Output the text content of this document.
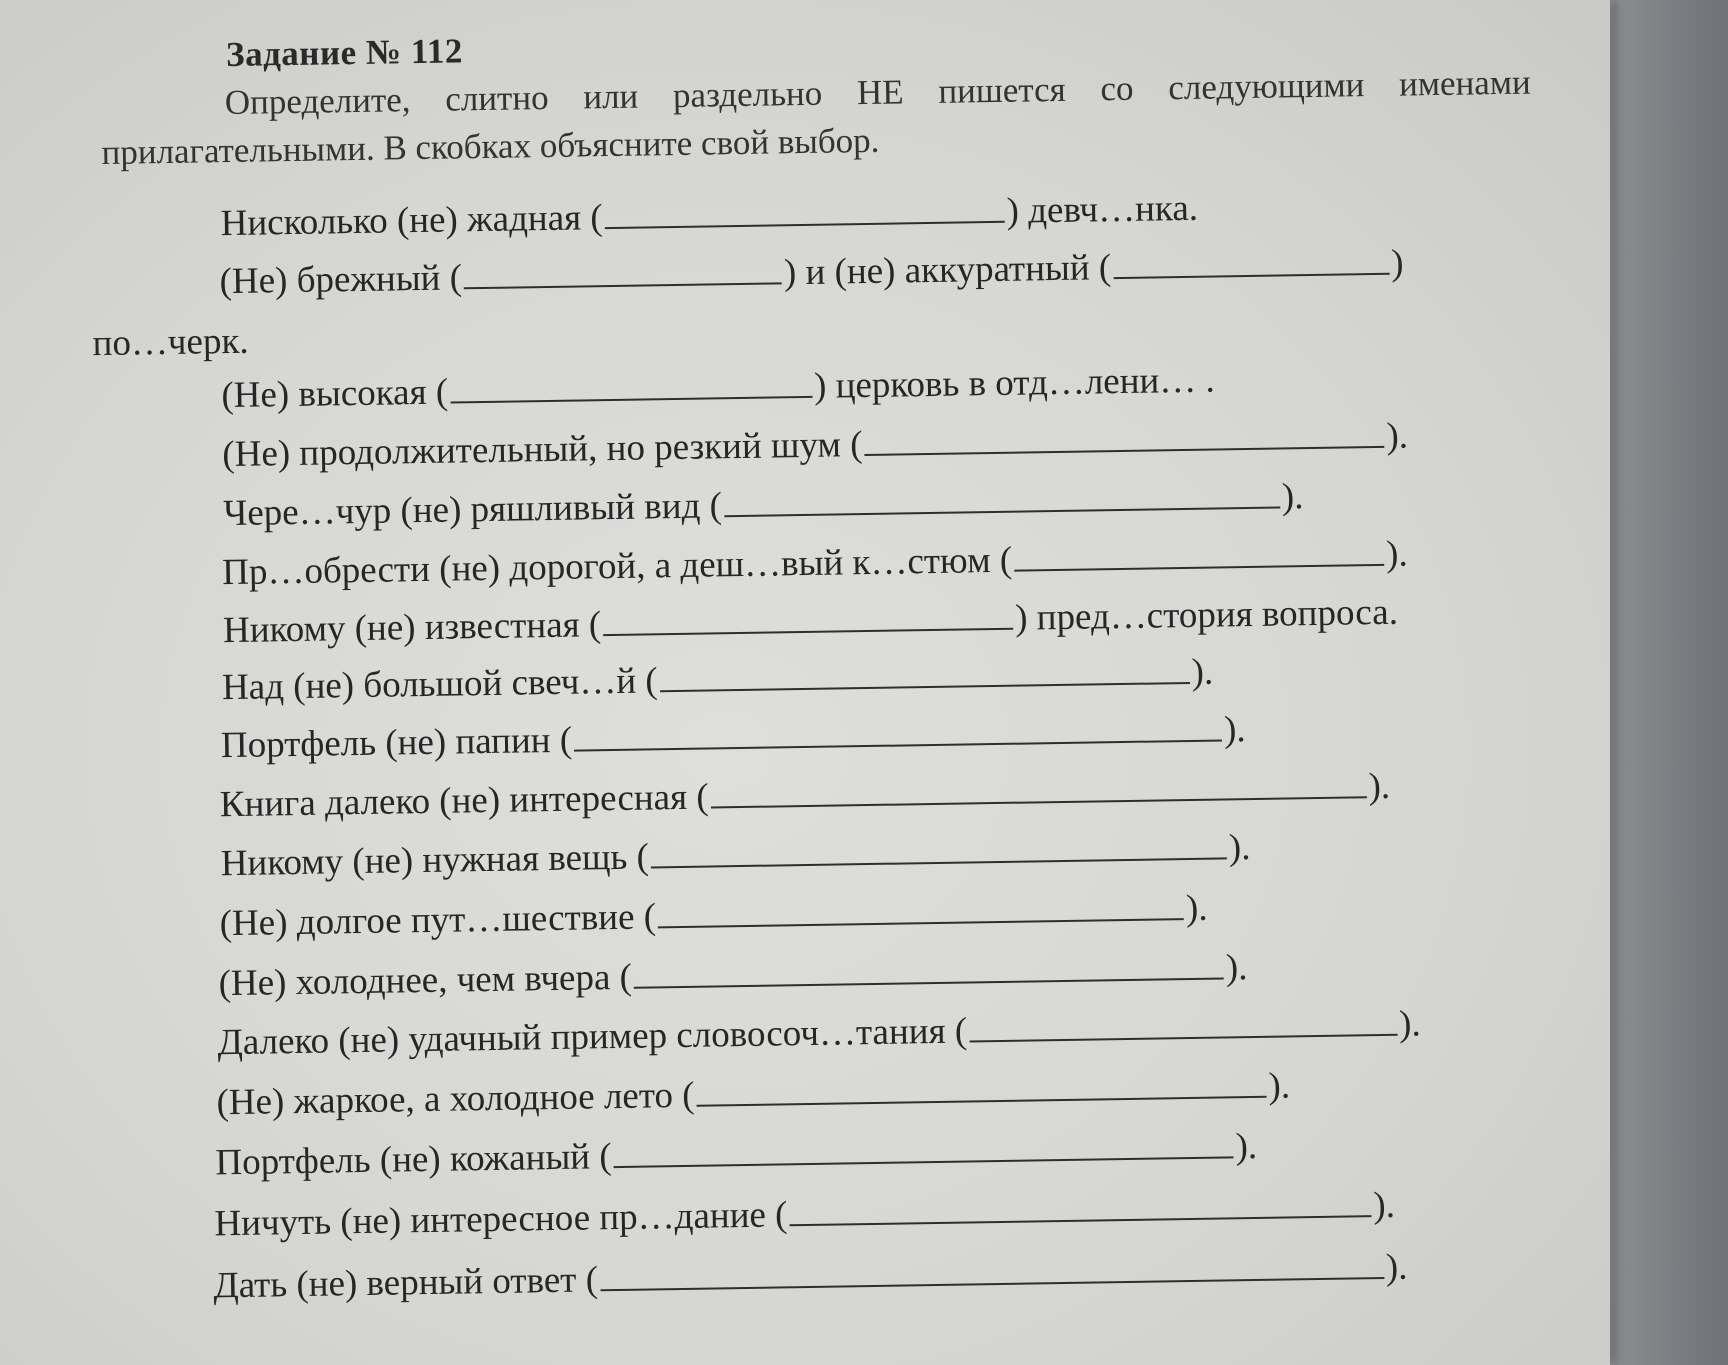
Задание № 112

Определите, слитно или раздельно НЕ пишется со следующими именами прилагательными. В скобках объясните свой выбор.

Нисколько (не) жадная (	) девч…нка.
(Не) брежный (	) и (не) аккуратный (	)
по…черк.
(Не) высокая (	) церковь в отд…лени… .
(Не) продолжительный, но резкий шум (	).
Чере…чур (не) ряшливый вид (	).
Пр…обрести (не) дорогой, а деш…вый к…стюм (	).
Никому (не) известная (	) пред…стория вопроса.
Над (не) большой свеч…й (	).
Портфель (не) папин (	).
Книга далеко (не) интересная (	).
Никому (не) нужная вещь (	).
(Не) долгое пут…шествие (	).
(Не) холоднее, чем вчера (	).
Далеко (не) удачный пример словосоч…тания (	).
(Не) жаркое, а холодное лето (	).
Портфель (не) кожаный (	).
Ничуть (не) интересное пр…дание (	).
Дать (не) верный ответ (	).
